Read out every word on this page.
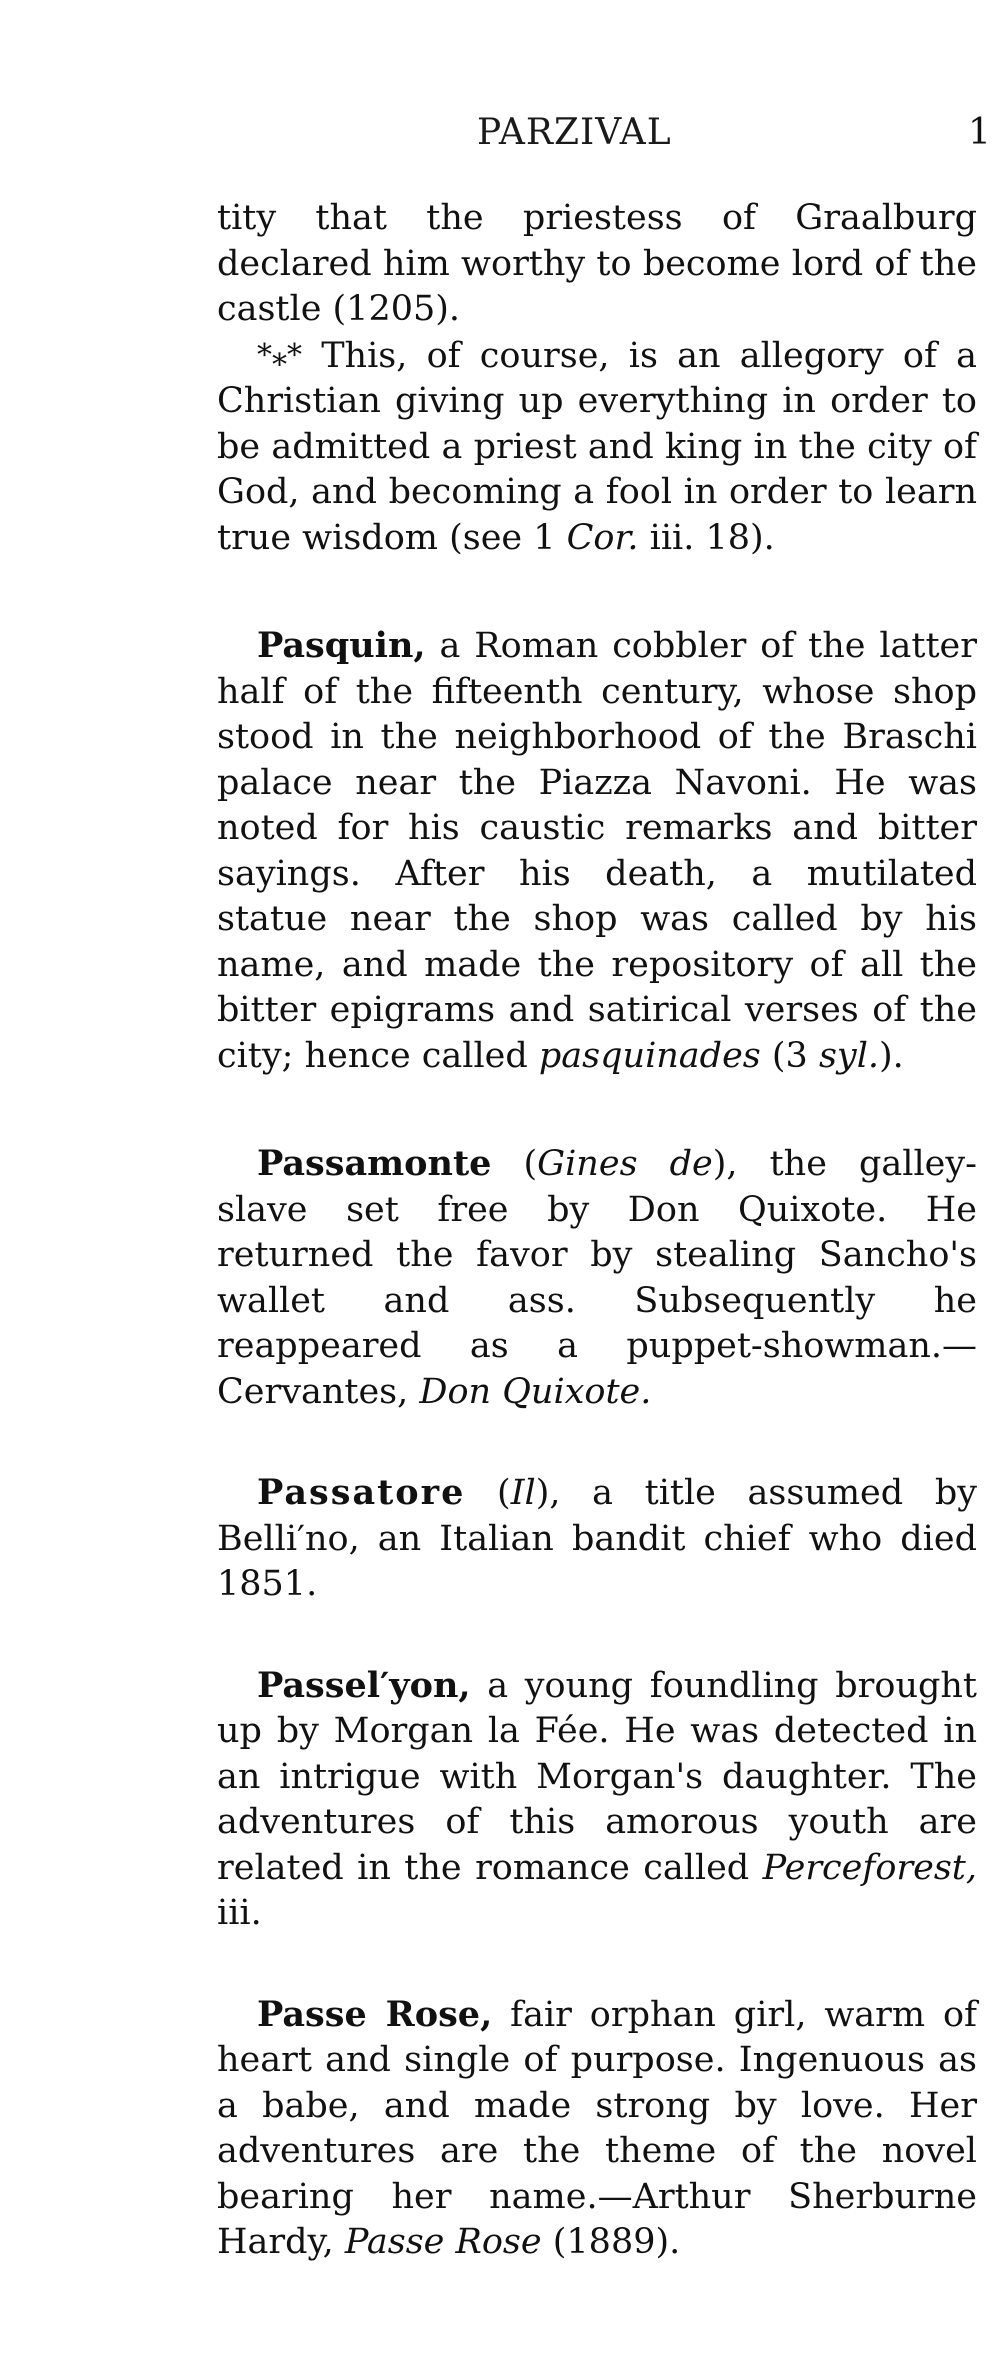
PARZIVAL	1

tity that the priestess of Graalburg declared him worthy to become lord of the castle (1205).

*⁎* This, of course, is an allegory of a Christian giving up everything in order to be admitted a priest and king in the city of God, and becoming a fool in order to learn true wisdom (see 1 Cor. iii. 18).

Pasquin, a Roman cobbler of the latter half of the fifteenth century, whose shop stood in the neighborhood of the Braschi palace near the Piazza Navoni. He was noted for his caustic remarks and bitter sayings. After his death, a mutilated statue near the shop was called by his name, and made the repository of all the bitter epigrams and satirical verses of the city; hence called pasquinades (3 syl.).

Passamonte (Gines de), the galley-slave set free by Don Quixote. He returned the favor by stealing Sancho's wallet and ass. Subsequently he reappeared as a puppet-showman.—Cervantes, Don Quixote.

Passatore (Il), a title assumed by Belli′no, an Italian bandit chief who died 1851.

Passel′yon, a young foundling brought up by Morgan la Fée. He was detected in an intrigue with Morgan's daughter. The adventures of this amorous youth are related in the romance called Perceforest, iii.

Passe Rose, fair orphan girl, warm of heart and single of purpose. Ingenuous as a babe, and made strong by love. Her adventures are the theme of the novel bearing her name.—Arthur Sherburne Hardy, Passe Rose (1889).
